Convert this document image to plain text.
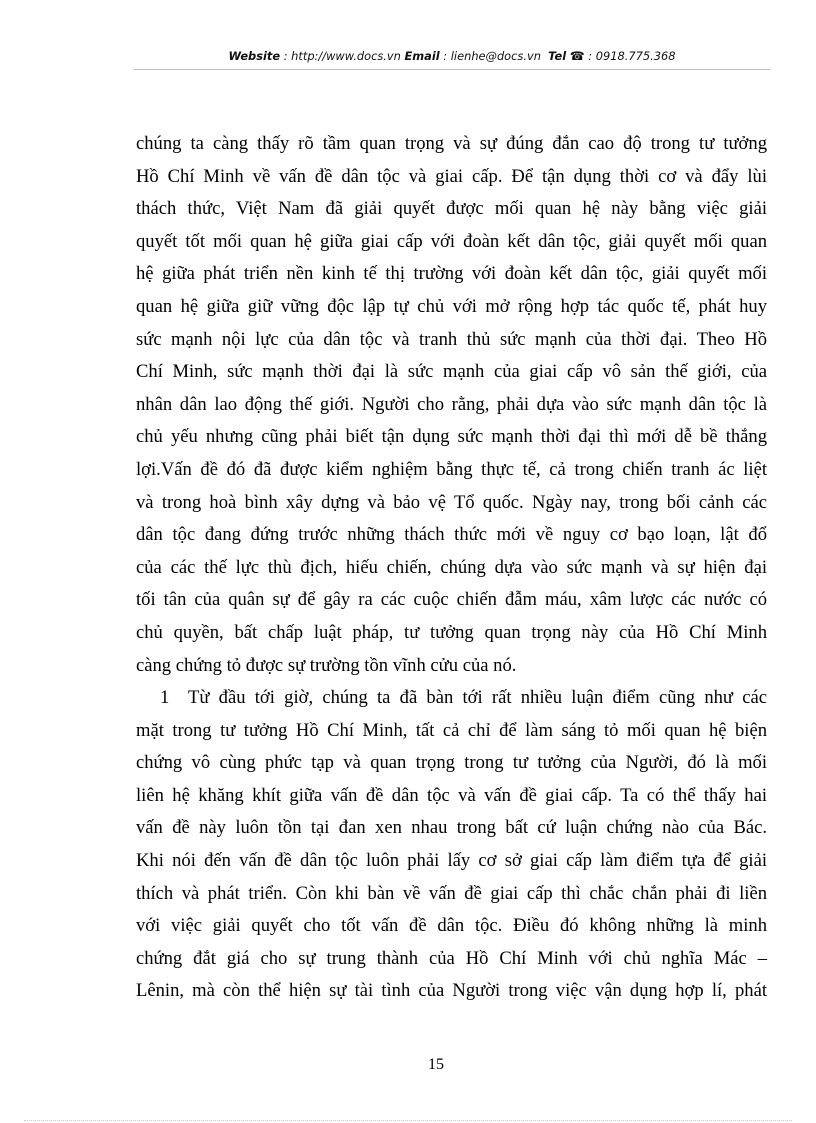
Website : http://www.docs.vn Email : lienhe@docs.vn Tel ☎ : 0918.775.368
chúng ta càng thấy rõ tầm quan trọng và sự đúng đắn cao độ trong tư tưởng
Hồ Chí Minh về vấn đề dân tộc và giai cấp. Để tận dụng thời cơ và đẩy lùi
thách thức, Việt Nam đã giải quyết được mối quan hệ này bằng việc giải
quyết tốt mối quan hệ giữa giai cấp với đoàn kết dân tộc, giải quyết mối quan
hệ giữa phát triển nền kinh tế thị trường với đoàn kết dân tộc, giải quyết mối
quan hệ giữa giữ vững độc lập tự chủ với mở rộng hợp tác quốc tế, phát huy
sức mạnh nội lực của dân tộc và tranh thủ sức mạnh của thời đại. Theo Hồ
Chí Minh, sức mạnh thời đại là sức mạnh của giai cấp vô sản thế giới, của
nhân dân lao động thế giới. Người cho rằng, phải dựa vào sức mạnh dân tộc là
chủ yếu nhưng cũng phải biết tận dụng sức mạnh thời đại thì mới dễ bề thắng
lợi.Vấn đề đó đã được kiểm nghiệm bằng thực tế, cả trong chiến tranh ác liệt
và trong hoà bình xây dựng và bảo vệ Tổ quốc. Ngày nay, trong bối cảnh các
dân tộc đang đứng trước những thách thức mới về nguy cơ bạo loạn, lật đổ
của các thế lực thù địch, hiếu chiến, chúng dựa vào sức mạnh và sự hiện đại
tối tân của quân sự để gây ra các cuộc chiến đẫm máu, xâm lược các nước có
chủ quyền, bất chấp luật pháp, tư tưởng quan trọng này của Hồ Chí Minh
càng chứng tỏ được sự trường tồn vĩnh cửu của nó.
1 Từ đầu tới giờ, chúng ta đã bàn tới rất nhiều luận điểm cũng như các
mặt trong tư tưởng Hồ Chí Minh, tất cả chỉ để làm sáng tỏ mối quan hệ biện
chứng vô cùng phức tạp và quan trọng trong tư tưởng của Người, đó là mối
liên hệ khăng khít giữa vấn đề dân tộc và vấn đề giai cấp. Ta có thể thấy hai
vấn đề này luôn tồn tại đan xen nhau trong bất cứ luận chứng nào của Bác.
Khi nói đến vấn đề dân tộc luôn phải lấy cơ sở giai cấp làm điểm tựa để giải
thích và phát triển. Còn khi bàn về vấn đề giai cấp thì chắc chắn phải đi liền
với việc giải quyết cho tốt vấn đề dân tộc. Điều đó không những là minh
chứng đắt giá cho sự trung thành của Hồ Chí Minh với chủ nghĩa Mác –
Lênin, mà còn thể hiện sự tài tình của Người trong việc vận dụng hợp lí, phát
15
